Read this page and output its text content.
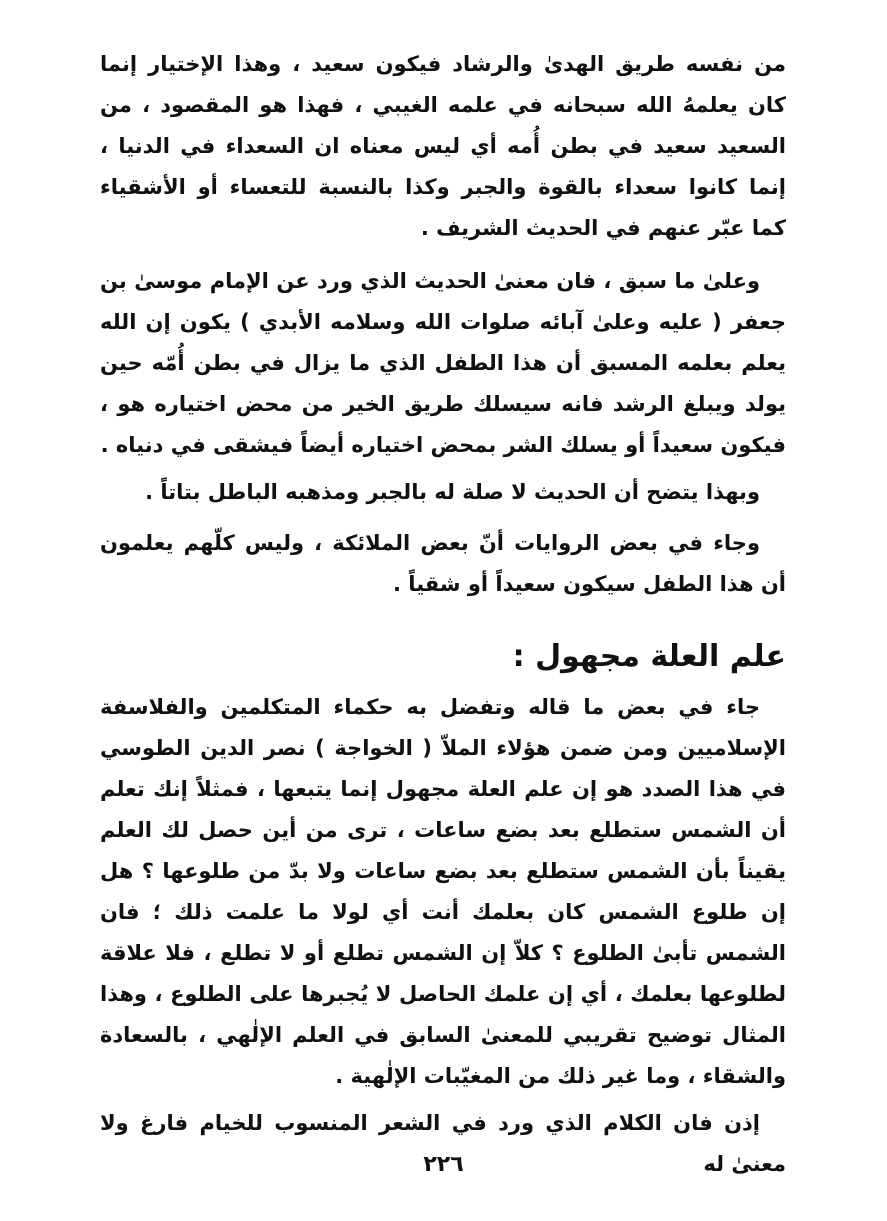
من نفسه طريق الهدىٰ والرشاد فيكون سعيد ، وهذا الإختيار إنما كان يعلمهُ الله سبحانه في علمه الغيبي ، فهذا هو المقصود ، من السعيد سعيد في بطن أُمه أي ليس معناه ان السعداء في الدنيا ، إنما كانوا سعداء بالقوة والجبر وكذا بالنسبة للتعساء أو الأشقياء كما عبّر عنهم في الحديث الشريف .

وعلىٰ ما سبق ، فان معنىٰ الحديث الذي ورد عن الإمام موسىٰ بن جعفر ( عليه وعلىٰ آبائه صلوات الله وسلامه الأبدي ) يكون إن الله يعلم بعلمه المسبق أن هذا الطفل الذي ما يزال في بطن أُمّه حين يولد ويبلغ الرشد فانه سيسلك طريق الخير من محض اختياره هو ، فيكون سعيداً أو يسلك الشر بمحض اختياره أيضاً فيشقى في دنياه .

وبهذا يتضح أن الحديث لا صلة له بالجبر ومذهبه الباطل بتاتاً .

وجاء في بعض الروايات أنّ بعض الملائكة ، وليس كلّهم يعلمون أن هذا الطفل سيكون سعيداً أو شقياً .

علم العلة مجهول :

جاء في بعض ما قاله وتفضل به حكماء المتكلمين والفلاسفة الإسلاميين ومن ضمن هؤلاء الملاّ ( الخواجة ) نصر الدين الطوسي في هذا الصدد هو إن علم العلة مجهول إنما يتبعها ، فمثلاً إنك تعلم أن الشمس ستطلع بعد بضع ساعات ، ترى من أين حصل لك العلم يقيناً بأن الشمس ستطلع بعد بضع ساعات ولا بدّ من طلوعها ؟ هل إن طلوع الشمس كان بعلمك أنت أي لولا ما علمت ذلك ؛ فان الشمس تأبىٰ الطلوع ؟ كلاّ إن الشمس تطلع أو لا تطلع ، فلا علاقة لطلوعها بعلمك ، أي إن علمك الحاصل لا يُجبرها على الطلوع ، وهذا المثال توضيح تقريبي للمعنىٰ السابق في العلم الإلٰهي ، بالسعادة والشقاء ، وما غير ذلك من المغيّبات الإلٰهية .

إذن فان الكلام الذي ورد في الشعر المنسوب للخيام فارغ ولا معنىٰ له

٢٢٦
